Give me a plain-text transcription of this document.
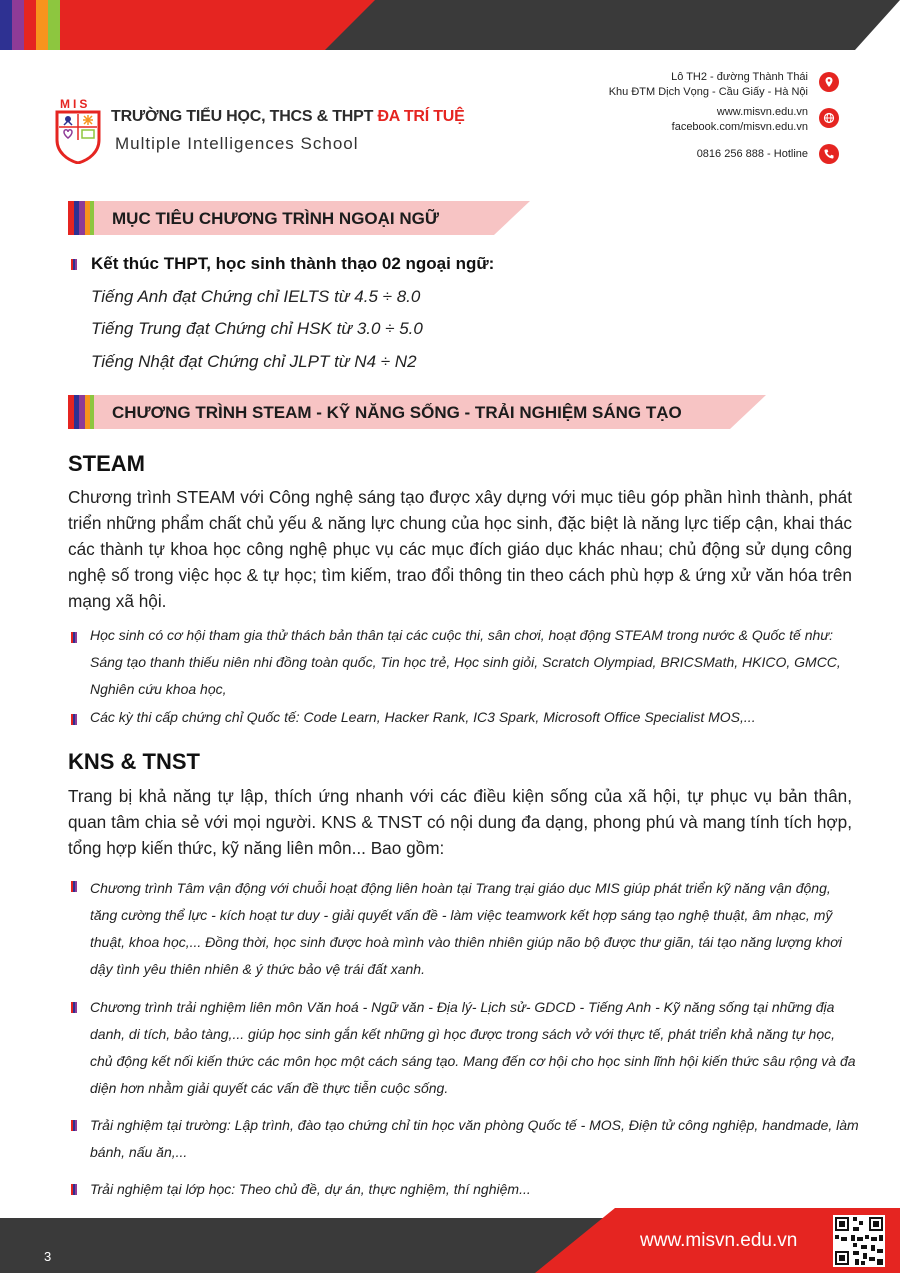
MIS
TRƯỜNG TIỂU HỌC, THCS & THPT ĐA TRÍ TUỆ
Multiple Intelligences School
Lô TH2 - đường Thành Thái
Khu ĐTM Dịch Vọng - Cầu Giấy - Hà Nội
www.misvn.edu.vn
facebook.com/misvn.edu.vn
0816 256 888 - Hotline
MỤC TIÊU CHƯƠNG TRÌNH NGOẠI NGỮ
Kết thúc THPT, học sinh thành thạo 02 ngoại ngữ:
Tiếng Anh đạt Chứng chỉ IELTS từ 4.5 ÷ 8.0
Tiếng Trung đạt Chứng chỉ HSK từ 3.0 ÷ 5.0
Tiếng Nhật đạt Chứng chỉ JLPT từ N4 ÷ N2
CHƯƠNG TRÌNH STEAM - KỸ NĂNG SỐNG - TRẢI NGHIỆM SÁNG TẠO
STEAM
Chương trình STEAM với Công nghệ sáng tạo được xây dựng với mục tiêu góp phần hình thành, phát triển những phẩm chất chủ yếu & năng lực chung của học sinh, đặc biệt là năng lực tiếp cận, khai thác các thành tự khoa học công nghệ phục vụ các mục đích giáo dục khác nhau; chủ động sử dụng công nghệ số trong việc học & tự học; tìm kiếm, trao đổi thông tin theo cách phù hợp & ứng xử văn hóa trên mạng xã hội.
Học sinh có cơ hội tham gia thử thách bản thân tại các cuộc thi, sân chơi, hoạt động STEAM trong nước & Quốc tế như: Sáng tạo thanh thiếu niên nhi đồng toàn quốc, Tin học trẻ, Học sinh giỏi, Scratch Olympiad, BRICSMath, HKICO, GMCC, Nghiên cứu khoa học,
Các kỳ thi cấp chứng chỉ Quốc tế: Code Learn, Hacker Rank, IC3 Spark, Microsoft Office Specialist MOS,...
KNS & TNST
Trang bị khả năng tự lập, thích ứng nhanh với các điều kiện sống của xã hội, tự phục vụ bản thân, quan tâm chia sẻ với mọi người. KNS & TNST có nội dung đa dạng, phong phú và mang tính tích hợp, tổng hợp kiến thức, kỹ năng liên môn... Bao gồm:
Chương trình Tâm vận động với chuỗi hoạt động liên hoàn tại Trang trại giáo dục MIS giúp phát triển kỹ năng vận động, tăng cường thể lực - kích hoạt tư duy - giải quyết vấn đề - làm việc teamwork kết hợp sáng tạo nghệ thuật, âm nhạc, mỹ thuật, khoa học,... Đồng thời, học sinh được hoà mình vào thiên nhiên giúp não bộ được thư giãn, tái tạo năng lượng khơi dậy tình yêu thiên nhiên & ý thức bảo vệ trái đất xanh.
Chương trình trải nghiệm liên môn Văn hoá - Ngữ văn - Địa lý- Lịch sử- GDCD - Tiếng Anh - Kỹ năng sống tại những địa danh, di tích, bảo tàng,... giúp học sinh gắn kết những gì học được trong sách vở với thực tế, phát triển khả năng tự học, chủ động kết nối kiến thức các môn học một cách sáng tạo. Mang đến cơ hội cho học sinh lĩnh hội kiến thức sâu rộng và đa diện hơn nhằm giải quyết các vấn đề thực tiễn cuộc sống.
Trải nghiệm tại trường: Lập trình, đào tạo chứng chỉ tin học văn phòng Quốc tế - MOS, Điện tử công nghiệp, handmade, làm bánh, nấu ăn,...
Trải nghiệm tại lớp học: Theo chủ đề, dự án, thực nghiệm, thí nghiệm...
3
www.misvn.edu.vn
